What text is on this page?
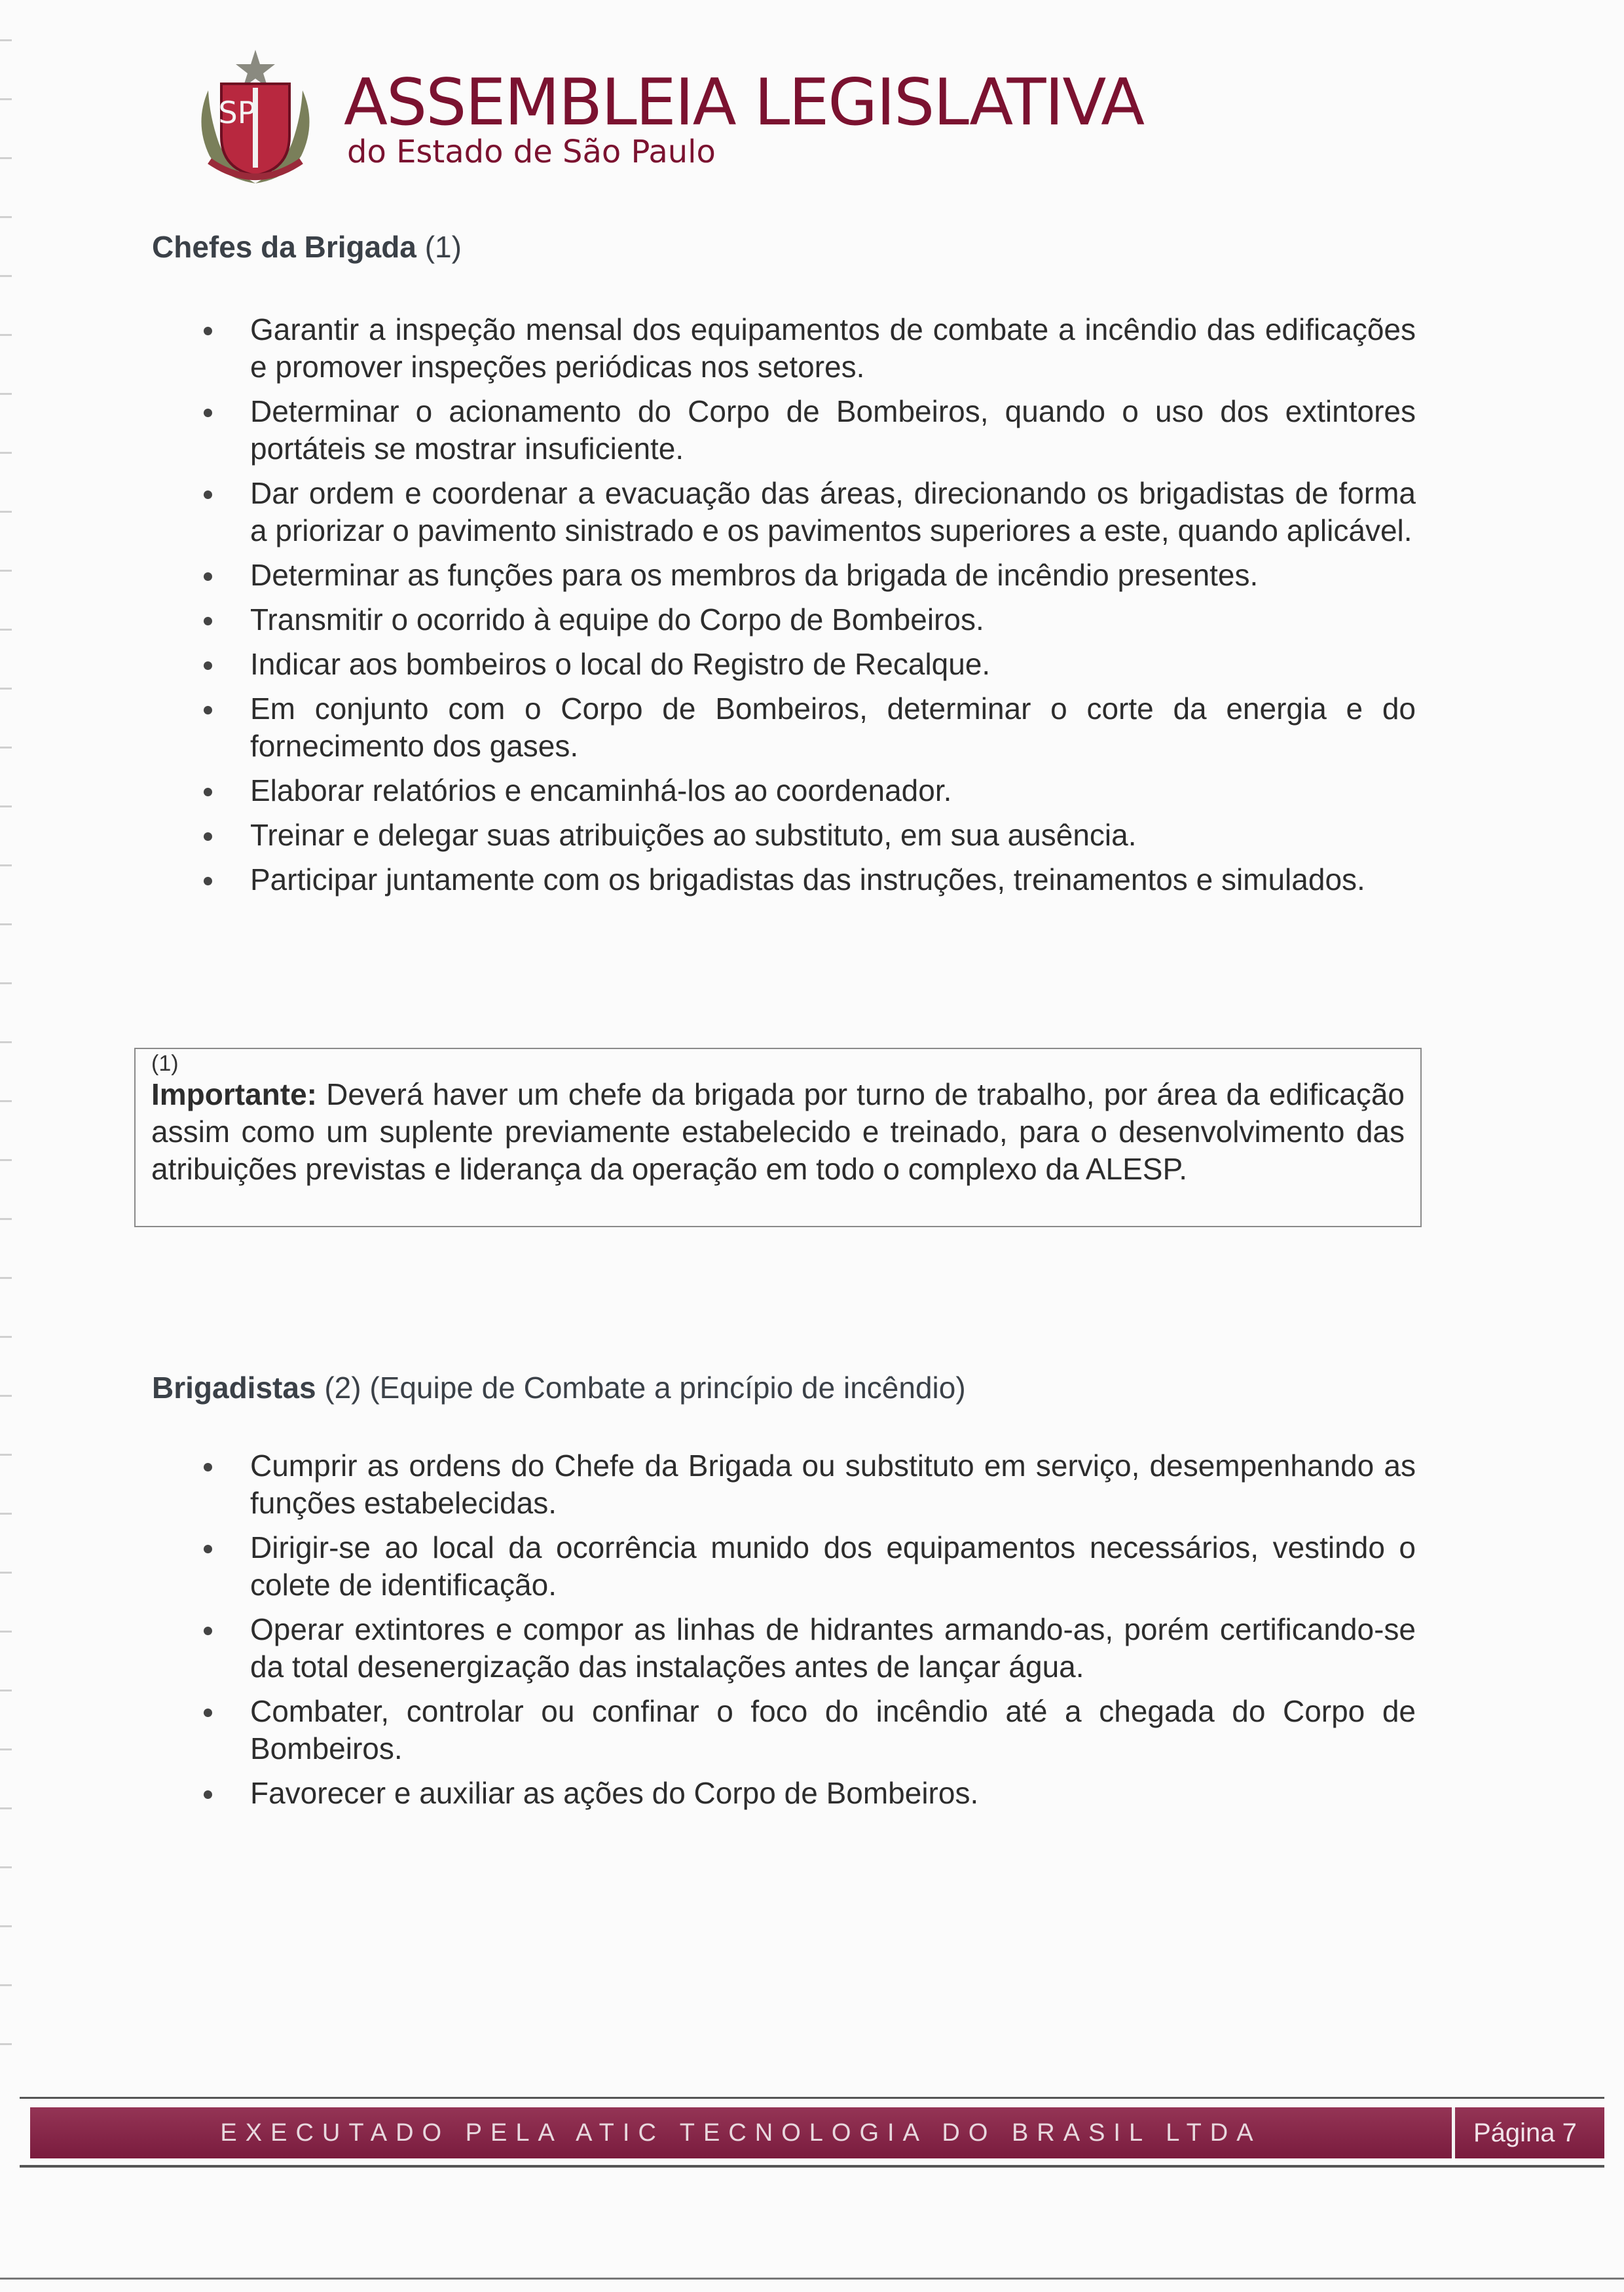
SP ASSEMBLEIA LEGISLATIVA
do Estado de São Paulo
Chefes da Brigada (1)
Garantir a inspeção mensal dos equipamentos de combate a incêndio das edificações e promover inspeções periódicas nos setores.
Determinar o acionamento do Corpo de Bombeiros, quando o uso dos extintores portáteis se mostrar insuficiente.
Dar ordem e coordenar a evacuação das áreas, direcionando os brigadistas de forma a priorizar o pavimento sinistrado e os pavimentos superiores a este, quando aplicável.
Determinar as funções para os membros da brigada de incêndio presentes.
Transmitir o ocorrido à equipe do Corpo de Bombeiros.
Indicar aos bombeiros o local do Registro de Recalque.
Em conjunto com o Corpo de Bombeiros, determinar o corte da energia e do fornecimento dos gases.
Elaborar relatórios e encaminhá-los ao coordenador.
Treinar e delegar suas atribuições ao substituto, em sua ausência.
Participar juntamente com os brigadistas das instruções, treinamentos e simulados.
(1)
Importante: Deverá haver um chefe da brigada por turno de trabalho, por área da edificação assim como um suplente previamente estabelecido e treinado, para o desenvolvimento das atribuições previstas e liderança da operação em todo o complexo da ALESP.
Brigadistas (2) (Equipe de Combate a princípio de incêndio)
Cumprir as ordens do Chefe da Brigada ou substituto em serviço, desempenhando as funções estabelecidas.
Dirigir-se ao local da ocorrência munido dos equipamentos necessários, vestindo o colete de identificação.
Operar extintores e compor as linhas de hidrantes armando-as, porém certificando-se da total desenergização das instalações antes de lançar água.
Combater, controlar ou confinar o foco do incêndio até a chegada do Corpo de Bombeiros.
Favorecer e auxiliar as ações do Corpo de Bombeiros.
EXECUTADO PELA ATIC TECNOLOGIA DO BRASIL LTDA	Página 7
